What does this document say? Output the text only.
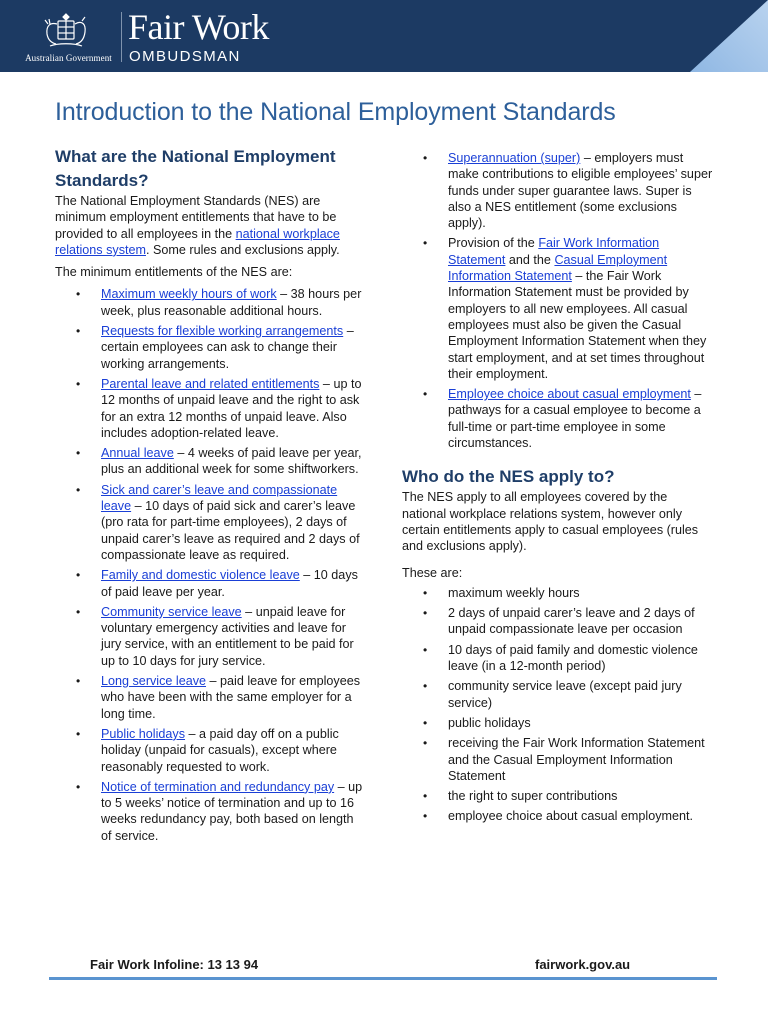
Australian Government
Fair Work
OMBUDSMAN
Introduction to the National Employment Standards
What are the National Employment Standards?

The National Employment Standards (NES) are minimum employment entitlements that have to be provided to all employees in the national workplace relations system. Some rules and exclusions apply.

The minimum entitlements of the NES are:

• Maximum weekly hours of work – 38 hours per week, plus reasonable additional hours.
• Requests for flexible working arrangements – certain employees can ask to change their working arrangements.
• Parental leave and related entitlements – up to 12 months of unpaid leave and the right to ask for an extra 12 months of unpaid leave. Also includes adoption-related leave.
• Annual leave – 4 weeks of paid leave per year, plus an additional week for some shiftworkers.
• Sick and carer’s leave and compassionate leave – 10 days of paid sick and carer’s leave (pro rata for part-time employees), 2 days of unpaid carer’s leave as required and 2 days of compassionate leave as required.
• Family and domestic violence leave – 10 days of paid leave per year.
• Community service leave – unpaid leave for voluntary emergency activities and leave for jury service, with an entitlement to be paid for up to 10 days for jury service.
• Long service leave – paid leave for employees who have been with the same employer for a long time.
• Public holidays – a paid day off on a public holiday (unpaid for casuals), except where reasonably requested to work.
• Notice of termination and redundancy pay – up to 5 weeks’ notice of termination and up to 16 weeks redundancy pay, both based on length of service.
• Superannuation (super) – employers must make contributions to eligible employees’ super funds under super guarantee laws. Super is also a NES entitlement (some exclusions apply).
• Provision of the Fair Work Information Statement and the Casual Employment Information Statement – the Fair Work Information Statement must be provided by employers to all new employees. All casual employees must also be given the Casual Employment Information Statement when they start employment, and at set times throughout their employment.
• Employee choice about casual employment – pathways for a casual employee to become a full-time or part-time employee in some circumstances.
Who do the NES apply to?

The NES apply to all employees covered by the national workplace relations system, however only certain entitlements apply to casual employees (rules and exclusions apply).

These are:

• maximum weekly hours
• 2 days of unpaid carer’s leave and 2 days of unpaid compassionate leave per occasion
• 10 days of paid family and domestic violence leave (in a 12-month period)
• community service leave (except paid jury service)
• public holidays
• receiving the Fair Work Information Statement and the Casual Employment Information Statement
• the right to super contributions
• employee choice about casual employment.
Fair Work Infoline: 13 13 94	fairwork.gov.au
